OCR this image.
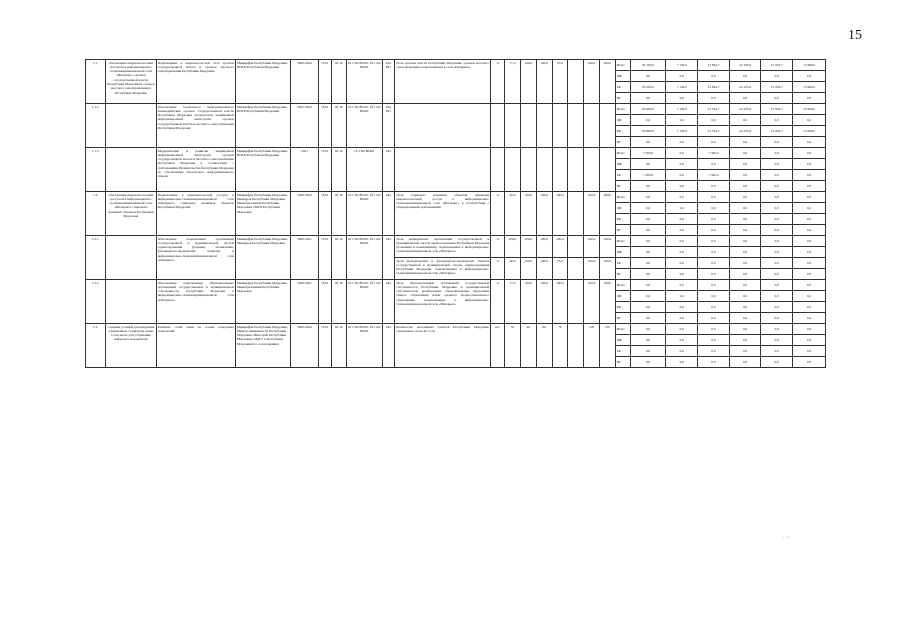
15
1.1.	обеспечение широкополосным доступом к информационно-телекоммуникационной сети «Интернет» органов государственной власти Республики Мордовия и органов местного самоуправления в Республике Мордовия	Подключение к широкополосной сети органов государственной власти и органов местного самоуправления Республики Мордовия	Минцифры Республики Мордовия, НОГБ Республики Мордовия	2020-2024	834	04 10	18 1 D2 80410, 18 1 D2 80420	244, 831	Доля органов власти Республики Мордовия, органов местного самоуправления, подключенных к сети «Интернет»	%	77,0	100,0	100,0	67,0		100,0	200,0	Всего	85 265,0	7 130,0	31 094,7	24 105,6	15 934,7	15 900,0
																		ФБ	0,0	0,0	0,0	0,0	0,0	0,0
																		РБ	85 265,0	7 130,0	31 094,7	24 105,6	15 934,7	15 900,0
																		ВС	0,0	0,0	0,0	0,0	0,0	0,0
1.1.2.		Обеспечение безопасного информационного взаимодействия органов государственной власти Республики Мордовия посредством защищенной информационной магистрали органов государственной власти и местного самоуправления Республики Мордовия	Минцифры Республики Мордовия, НОГБ Республики Мордовия	2022-2024	834	04 10	18 1 D2 80410, 18 1 D2 80420	244, 831										Всего	85 965,0	7 130,0	23 794,7	24 105,6	15 934,7	15 900,0
																		ФБ	0,0	0,0	0,0	0,0	0,0	0,0
																		РБ	85 965,0	7 130,0	23 794,7	24 105,6	15 934,7	15 900,0
																		ВС	0,0	0,0	0,0	0,0	0,0	0,0
1.1.3.		Модернизация и развитие защищенной информационной магистрали органов государственной власти и местного самоуправления Республики Мордовия в соответствии с требованиями Правительства Республики Мордовия по обеспечению безопасного информационного обмена	Минцифры Республики Мордовия, НОГБ Республики Мордовия	2021	834	04 10	18 1 D2 80410	244										Всего	7 300,0	0,0	7 300,0	0,0	0,0	0,0
																		ФБ	0,0	0,0	0,0	0,0	0,0	0,0
																		РБ	7 300,0	0,0	7 300,0	0,0	0,0	0,0
																		ВС	0,0	0,0	0,0	0,0	0,0	0,0
1.2.	обеспечение широкополосным доступом к информационно-телекоммуникационной сети «Интернет» социально значимых объектов Республики Мордовия	Подключение к широкополосной доступу к информационно-телекоммуникационной сети «Интернет» социально значимых объектов Республики Мордовия	Минцифры Республики Мордовия, Минздрав Республики Мордовия, Минобразования Республики Мордовия, НОГБ Республики Мордовия	2020-2024	834	04 10	18 1 D2 80410, 18 1 D2 80420	244	Доля социально значимых объектов, имеющих широкополосный доступ к информационно-телекоммуникационной сети «Интернет» в соответствии с утвержденными требованиями	%	50,0	100,0	100,0	100,0		100,0	200,0	Всего	0,0	0,0	0,0	0,0	0,0	0,0
																		ФБ	0,0	0,0	0,0	0,0	0,0	0,0
																		РБ	0,0	0,0	0,0	0,0	0,0	0,0
																		ВС	0,0	0,0	0,0	0,0	0,0	0,0
1.2.1.		Обеспечение подключения организаций государственной и муниципальной систем здравоохранения (больниц, поликлиник, фельдшерско-акушерских пунктов) к информационно-телекоммуникационной сети «Интернет»	Минцифры Республики Мордовия, Минздрав Республики Мордовия	2020-2021	834	04 10	18 1 D2 80410, 18 1 D2 80420	244	Доля медицинских организаций государственной и муниципальной систем здравоохранения Республики Мордовия (больницы и поликлиники), подключенных к информационно-телекоммуникационной сети «Интернет»	%	100,0	100,0	100,0	100,0		100,0	100,0	Всего	0,0	0,0	0,0	0,0	0,0	0,0
																		ФБ	0,0	0,0	0,0	0,0	0,0	0,0
									Доля фельдшерских и фельдшерско-акушерских пунктов государственной и муниципальной систем здравоохранения Республики Мордовия, подключенных к информационно-телекоммуникационной сети «Интернет»	%	40,0	100,0	100,0	75,0		100,0	100,0	РБ	0,0	0,0	0,0	0,0	0,0	0,0
																		ВС	0,0	0,0	0,0	0,0	0,0	0,0
1.2.2.		Обеспечение подключения образовательных организаций государственной и муниципальной собственности Республики Мордовия к информационно-телекоммуникационной сети «Интернет»	Минцифры Республики Мордовия, Минобразования Республики Мордовия	2020-2021	834	04 10	18 1 D2 80410, 18 1 D2 80420	244	Доля образовательных организаций государственной собственности Республики Мордовия и муниципальной собственности, реализующих образовательные программы общего образования и/или среднего профессионального образования, подключенных к информационно-телекоммуникационной сети «Интернет»	%	77,0	100,0	100,0	100,0		100,0	100,0	Всего	0,0	0,0	0,0	0,0	0,0	0,0
																		ФБ	0,0	0,0	0,0	0,0	0,0	0,0
																		РБ	0,0	0,0	0,0	0,0	0,0	0,0
																		ВС	0,0	0,0	0,0	0,0	0,0	0,0
1.3.	создание условий для внедрения современных стандартов связи, в том числе для устранения цифрового неравенства	Развитие сетей связи на основе передовых технологий	Минцифры Республики Мордовия, Минстроймашиности Республики Мордовия, Минстрой Республики Мордовия, ОМСУ в Республике Мордовия (по согласованию)	2020-2024	834	04 10	18 1 D2 80410, 18 1 D2 80420	244	Количество населенных пунктов Республики Мордовия, охваченных сетью 4G и 5G	шт.	35	40	60	70		120	150	Всего	0,0	0,0	0,0	0,0	0,0	0,0
																		ФБ	0,0	0,0	0,0	0,0	0,0	0,0
																		РБ	0,0	0,0	0,0	0,0	0,0	0,0
																		ВС	0,0	0,0	0,0	0,0	0,0	0,0
.. ..-
